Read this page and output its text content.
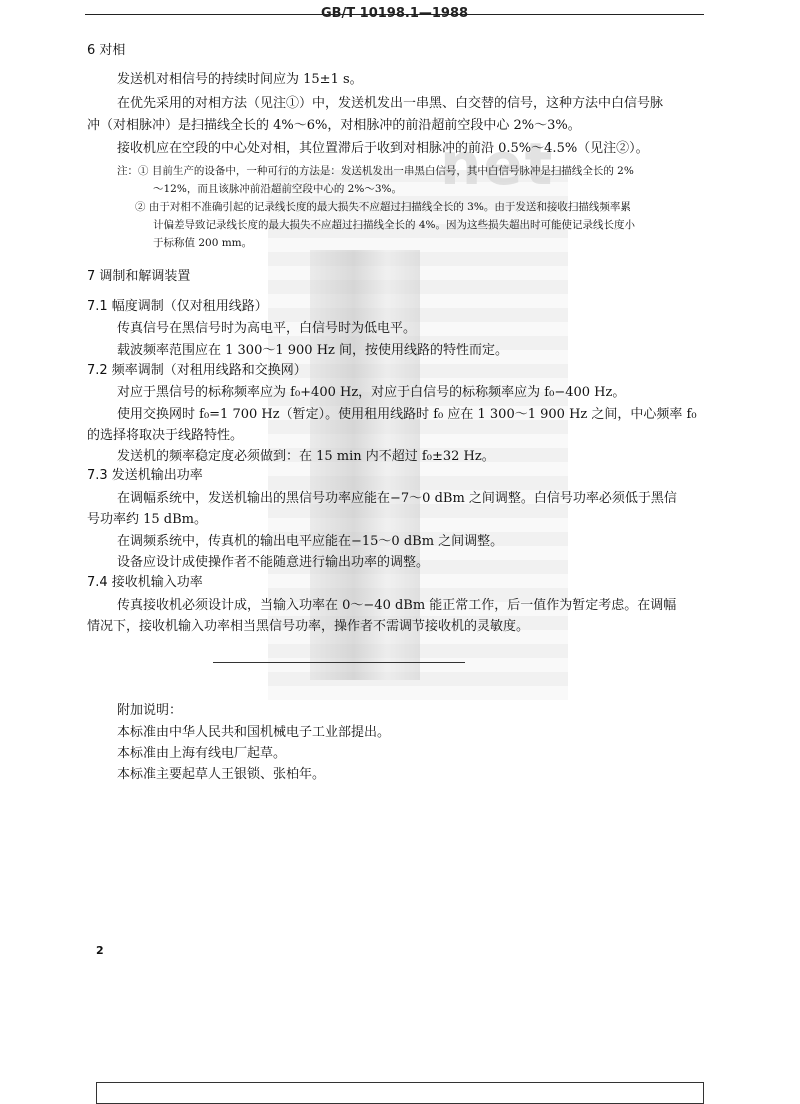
net
GB/T 10198.1—1988
6 对相
发送机对相信号的持续时间应为 15±1 s。
在优先采用的对相方法（见注①）中，发送机发出一串黑、白交替的信号，这种方法中白信号脉
冲（对相脉冲）是扫描线全长的 4%～6%，对相脉冲的前沿超前空段中心 2%～3%。
接收机应在空段的中心处对相，其位置滞后于收到对相脉冲的前沿 0.5%～4.5%（见注②）。
注：① 目前生产的设备中，一种可行的方法是：发送机发出一串黑白信号，其中白信号脉冲是扫描线全长的 2%
～12%，而且该脉冲前沿超前空段中心的 2%～3%。
② 由于对相不准确引起的记录线长度的最大损失不应超过扫描线全长的 3%。由于发送和接收扫描线频率累
计偏差导致记录线长度的最大损失不应超过扫描线全长的 4%。因为这些损失超出时可能使记录线长度小
于标称值 200 mm。
7 调制和解调装置
7.1 幅度调制（仅对租用线路）
传真信号在黑信号时为高电平，白信号时为低电平。
载波频率范围应在 1 300～1 900 Hz 间，按使用线路的特性而定。
7.2 频率调制（对租用线路和交换网）
对应于黑信号的标称频率应为 f₀+400 Hz，对应于白信号的标称频率应为 f₀−400 Hz。
使用交换网时 f₀=1 700 Hz（暂定）。使用租用线路时 f₀ 应在 1 300～1 900 Hz 之间，中心频率 f₀
的选择将取决于线路特性。
发送机的频率稳定度必须做到：在 15 min 内不超过 f₀±32 Hz。
7.3 发送机输出功率
在调幅系统中，发送机输出的黑信号功率应能在−7～0 dBm 之间调整。白信号功率必须低于黑信
号功率约 15 dBm。
在调频系统中，传真机的输出电平应能在−15～0 dBm 之间调整。
设备应设计成使操作者不能随意进行输出功率的调整。
7.4 接收机输入功率
传真接收机必须设计成，当输入功率在 0～−40 dBm 能正常工作，后一值作为暂定考虑。在调幅
情况下，接收机输入功率相当黑信号功率，操作者不需调节接收机的灵敏度。
附加说明：
本标准由中华人民共和国机械电子工业部提出。
本标准由上海有线电厂起草。
本标准主要起草人王银锁、张柏年。
2
